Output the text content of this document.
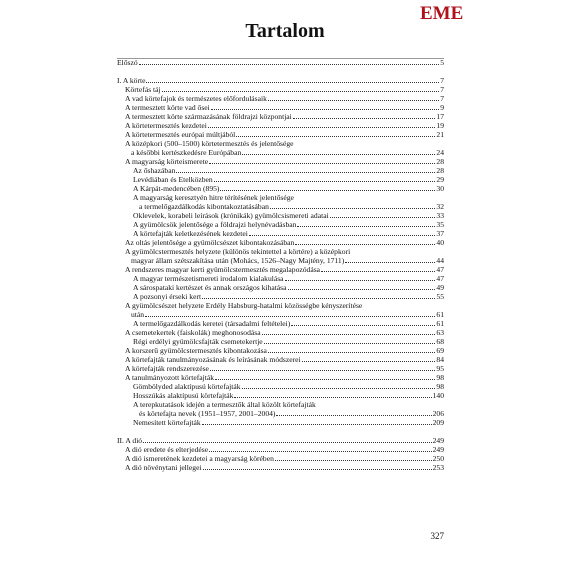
EME
Tartalom
Előszó	5
I. A körte	7
Körtefás táj	7
A vad körtefajok és természetes előfordulásaik	7
A termesztett körte vad ősei	9
A termesztett körte származásának földrajzi központjai	17
A körtetermesztés kezdetei	19
A körtetermesztés európai múltjából	21
A középkori (500–1500) körtetermesztés és jelentősége
a későbbi kertészkedésre Európában	24
A magyarság körteismerete	28
Az őshazában	28
Levédiában és Etelközben	29
A Kárpát-medencében (895)	30
A magyarság keresztyén hitre térítésének jelentősége
a termelőgazdálkodás kibontakoztatásában	32
Oklevelek, korabeli leírások (krónikák) gyümölcsismereti adatai	33
A gyümölcsök jelentősége a földrajzi helynévadásban	35
A körtefajták keletkezésének kezdetei	37
Az oltás jelentősége a gyümölcsészet kibontakozásában	40
A gyümölcstermesztés helyzete (különös tekintettel a körtére) a középkori
magyar állam szétszakítása után (Mohács, 1526–Nagy Majtény, 1711)	44
A rendszeres magyar kerti gyümölcstermesztés megalapozódása	47
A magyar természetismereti irodalom kialakulása	47
A sárospataki kertészet és annak országos kihatása	49
A pozsonyi érseki kert	55
A gyümölcsészet helyzete Erdély Habsburg-hatalmi közösségbe kényszerítése
után	61
A termelőgazdálkodás keretei (társadalmi feltételei)	61
A csemetekertek (faiskolák) meghonosodása	63
Régi erdélyi gyümölcsfajták csemetekertje	68
A korszerű gyümölcstermesztés kibontakozása	69
A körtefajták tanulmányozásának és leírásának módszerei	84
A körtefajták rendszerezése	95
A tanulmányozott körtefajták	98
Gömbölyded alaktípusú körtefajták	98
Hosszúkás alaktípusú körtefajták	140
A terepkutatások idején a termesztők által közölt körtefajták
és körtefajta nevek (1951–1957, 2001–2004)	206
Nemesített körtefajták	209
II. A dió	249
A dió eredete és elterjedése	249
A dió ismeretének kezdetei a magyarság körében	250
A dió növénytani jellegei	253
327
